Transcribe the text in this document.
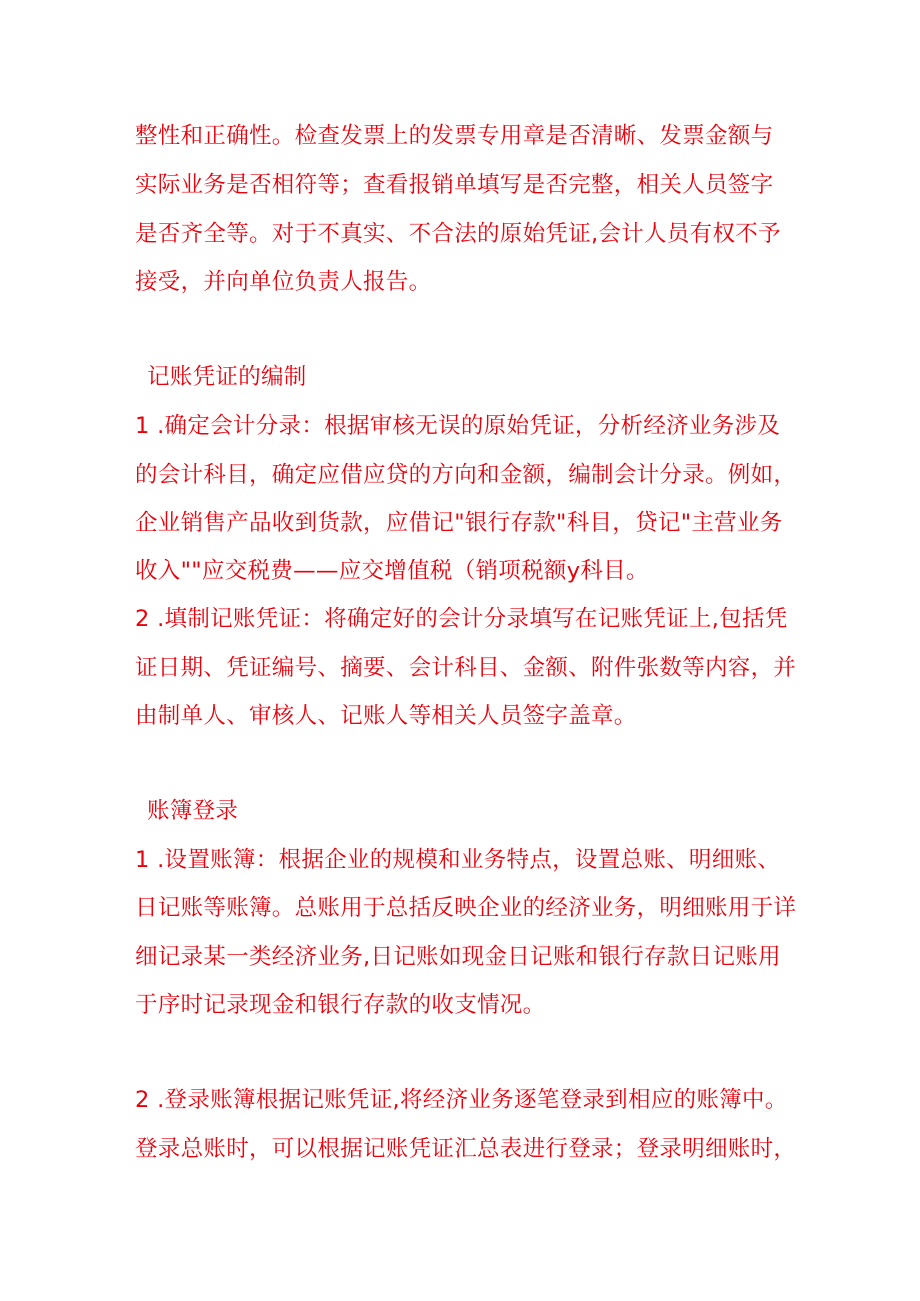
整性和正确性。检查发票上的发票专用章是否清晰、发票金额与
实际业务是否相符等；查看报销单填写是否完整，相关人员签字
是否齐全等。对于不真实、不合法的原始凭证,会计人员有权不予
接受，并向单位负责人报告。
记账凭证的编制
1 .确定会计分录：根据审核无误的原始凭证，分析经济业务涉及
的会计科目，确定应借应贷的方向和金额，编制会计分录。例如，
企业销售产品收到货款，应借记"银行存款"科目，贷记"主营业务
收入""应交税费——应交增值税（销项税额y科目。
2 .填制记账凭证：将确定好的会计分录填写在记账凭证上,包括凭
证日期、凭证编号、摘要、会计科目、金额、附件张数等内容，并
由制单人、审核人、记账人等相关人员签字盖章。
账簿登录
1 .设置账簿：根据企业的规模和业务特点，设置总账、明细账、
日记账等账簿。总账用于总括反映企业的经济业务，明细账用于详
细记录某一类经济业务,日记账如现金日记账和银行存款日记账用
于序时记录现金和银行存款的收支情况。
2 .登录账簿根据记账凭证,将经济业务逐笔登录到相应的账簿中。
登录总账时，可以根据记账凭证汇总表进行登录；登录明细账时，
